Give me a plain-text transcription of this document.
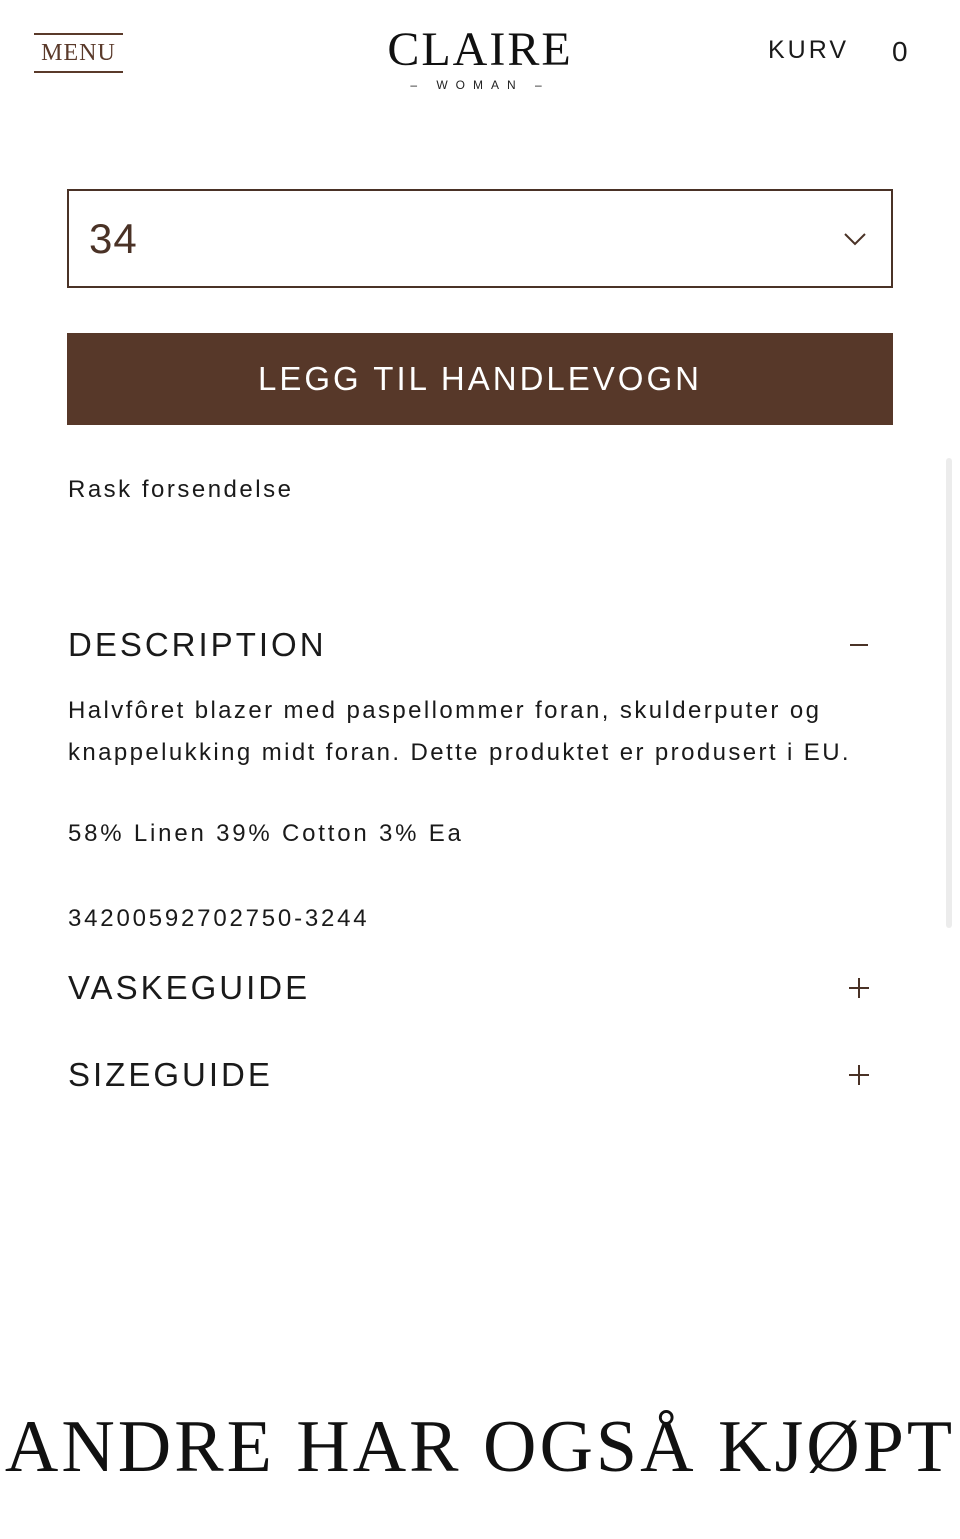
MENU	CLAIRE
– WOMAN –
KURV 0
34
LEGG TIL HANDLEVOGN
Rask forsendelse
DESCRIPTION
Halvfôret blazer med paspellommer foran, skulderputer og knappelukking midt foran. Dette produktet er produsert i EU.
58% Linen 39% Cotton 3% Ea
34200592702750-3244
VASKEGUIDE
SIZEGUIDE
ANDRE HAR OGSÅ KJØPT
